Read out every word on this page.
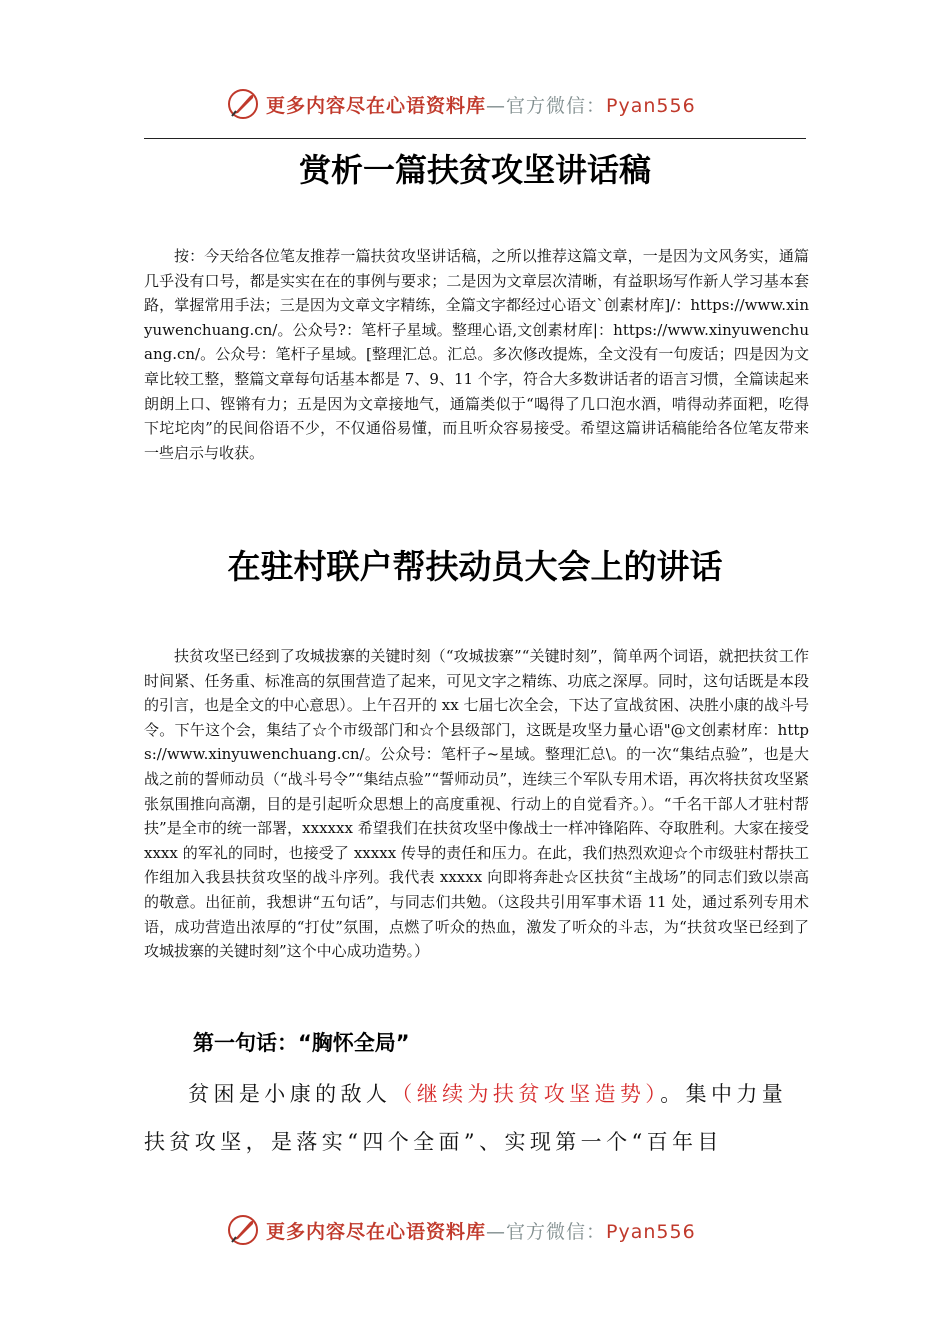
更多内容尽在心语资料库—官方微信：Pyan556
赏析一篇扶贫攻坚讲话稿

按：今天给各位笔友推荐一篇扶贫攻坚讲话稿，之所以推荐这篇文章，一是因为文风务实，通篇几乎没有口号，都是实实在在的事例与要求；二是因为文章层次清晰，有益职场写作新人学习基本套路，掌握常用手法；三是因为文章文字精练，全篇文字都经过心语文`创素材库]/：https://www.xinyuwenchuang.cn/。公众号?：笔杆子星域。整理心语,文创素材库|：https://www.xinyuwenchuang.cn/。公众号：笔杆子星域。[整理汇总。汇总。多次修改提炼，全文没有一句废话；四是因为文章比较工整，整篇文章每句话基本都是 7、9、11 个字，符合大多数讲话者的语言习惯，全篇读起来朗朗上口、铿锵有力；五是因为文章接地气，通篇类似于“喝得了几口泡水酒，啃得动荞面粑，吃得下坨坨肉”的民间俗语不少，不仅通俗易懂，而且听众容易接受。希望这篇讲话稿能给各位笔友带来一些启示与收获。

在驻村联户帮扶动员大会上的讲话

扶贫攻坚已经到了攻城拔寨的关键时刻（“攻城拔寨”“关键时刻”，简单两个词语，就把扶贫工作时间紧、任务重、标准高的氛围营造了起来，可见文字之精练、功底之深厚。同时，这句话既是本段的引言，也是全文的中心意思）。上午召开的 xx 七届七次全会，下达了宣战贫困、决胜小康的战斗号令。下午这个会，集结了☆个市级部门和☆个县级部门，这既是攻坚力量心语"@文创素材库：https://www.xinyuwenchuang.cn/。公众号：笔杆子~星域。整理汇总\。的一次“集结点验”，也是大战之前的誓师动员（“战斗号令”“集结点验”“誓师动员”，连续三个军队专用术语，再次将扶贫攻坚紧张氛围推向高潮，目的是引起听众思想上的高度重视、行动上的自觉看齐。）。“千名干部人才驻村帮扶”是全市的统一部署，xxxxxx 希望我们在扶贫攻坚中像战士一样冲锋陷阵、夺取胜利。大家在接受 xxxx 的军礼的同时，也接受了 xxxxx 传导的责任和压力。在此，我们热烈欢迎☆个市级驻村帮扶工作组加入我县扶贫攻坚的战斗序列。我代表 xxxxx 向即将奔赴☆区扶贫“主战场”的同志们致以崇高的敬意。出征前，我想讲“五句话”，与同志们共勉。（这段共引用军事术语 11 处，通过系列专用术语，成功营造出浓厚的“打仗”氛围，点燃了听众的热血，激发了听众的斗志，为“扶贫攻坚已经到了攻城拔寨的关键时刻”这个中心成功造势。）

第一句话：“胸怀全局”

贫困是小康的敌人（继续为扶贫攻坚造势）。集中力量扶贫攻坚，是落实“四个全面”、实现第一个“百年目

更多内容尽在心语资料库—官方微信：Pyan556
